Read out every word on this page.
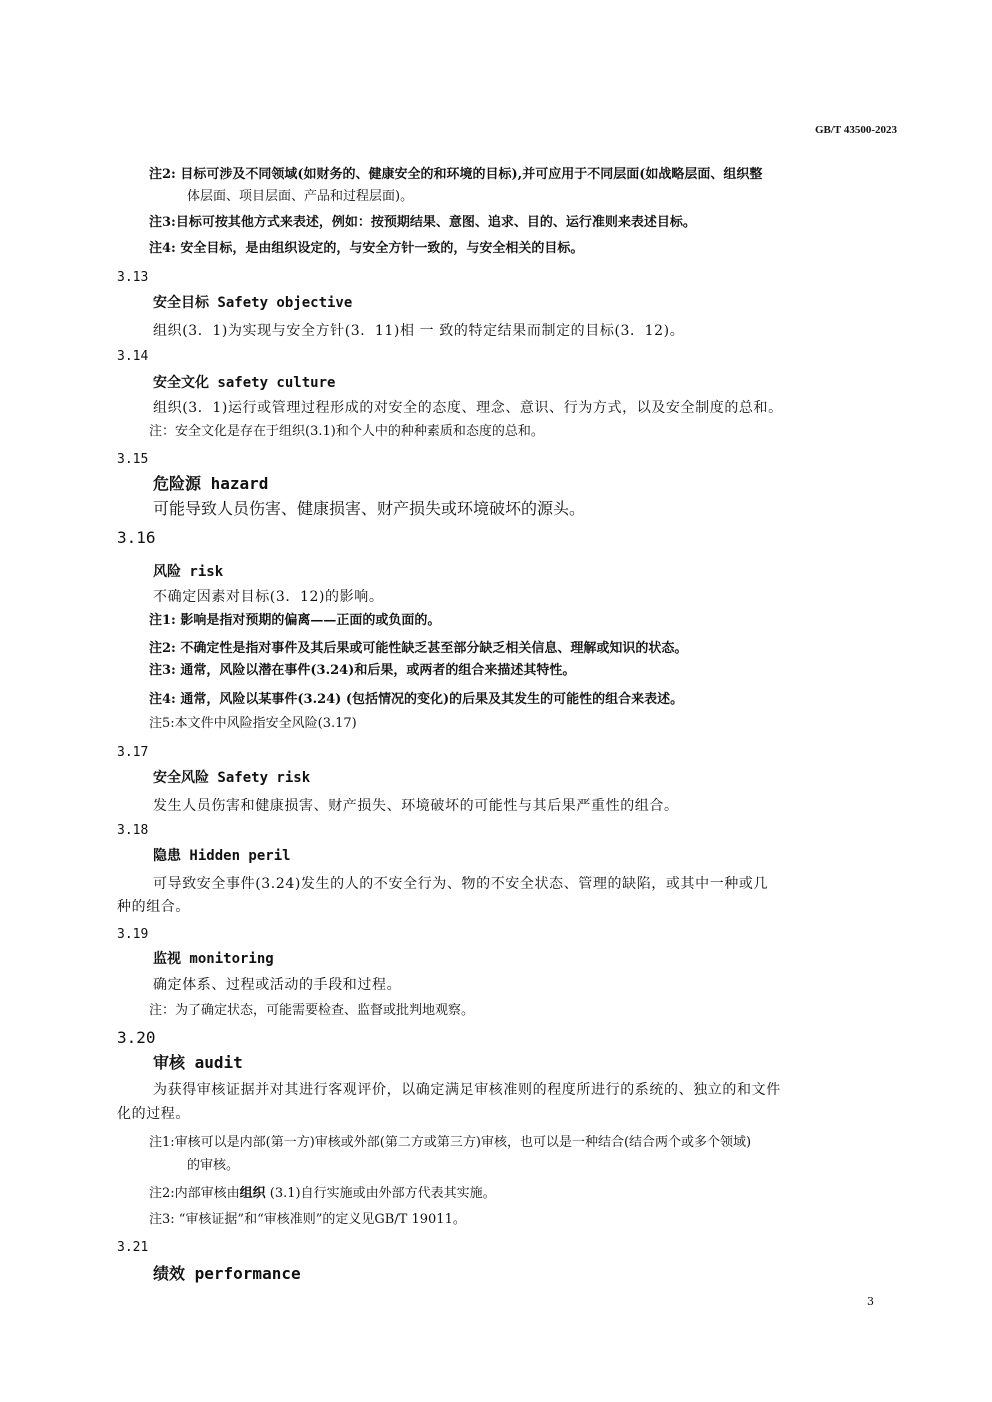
GB/T 43500-2023
注2: 目标可涉及不同领域(如财务的、健康安全的和环境的目标),并可应用于不同层面(如战略层面、组织整
体层面、项目层面、产品和过程层面)。
注3:目标可按其他方式来表述，例如：按预期结果、意图、追求、目的、运行准则来表述目标。
注4: 安全目标，是由组织设定的，与安全方针一致的，与安全相关的目标。
3.13
安全目标 Safety objective
组织(3．1)为实现与安全方针(3．11)相 一 致的特定结果而制定的目标(3．12)。
3.14
安全文化 safety culture
组织(3．1)运行或管理过程形成的对安全的态度、理念、意识、行为方式，以及安全制度的总和。
注：安全文化是存在于组织(3.1)和个人中的种种素质和态度的总和。
3.15
危险源 hazard
可能导致人员伤害、健康损害、财产损失或环境破坏的源头。
3.16
风险 risk
不确定因素对目标(3．12)的影响。
注1: 影响是指对预期的偏离——正面的或负面的。
注2: 不确定性是指对事件及其后果或可能性缺乏甚至部分缺乏相关信息、理解或知识的状态。
注3: 通常，风险以潜在事件(3.24)和后果，或两者的组合来描述其特性。
注4: 通常，风险以某事件(3.24) (包括情况的变化)的后果及其发生的可能性的组合来表述。
注5:本文件中风险指安全风险(3.17)
3.17
安全风险 Safety risk
发生人员伤害和健康损害、财产损失、环境破坏的可能性与其后果严重性的组合。
3.18
隐患 Hidden peril
可导致安全事件(3.24)发生的人的不安全行为、物的不安全状态、管理的缺陷，或其中一种或几
种的组合。
3.19
监视 monitoring
确定体系、过程或活动的手段和过程。
注：为了确定状态，可能需要检查、监督或批判地观察。
3.20
审核 audit
为获得审核证据并对其进行客观评价，以确定满足审核准则的程度所进行的系统的、独立的和文件
化的过程。
注1:审核可以是内部(第一方)审核或外部(第二方或第三方)审核，也可以是一种结合(结合两个或多个领域)
的审核。
注2:内部审核由组织 (3.1)自行实施或由外部方代表其实施。
注3: “审核证据”和“审核准则”的定义见GB/T 19011。
3.21
绩效 performance
3
